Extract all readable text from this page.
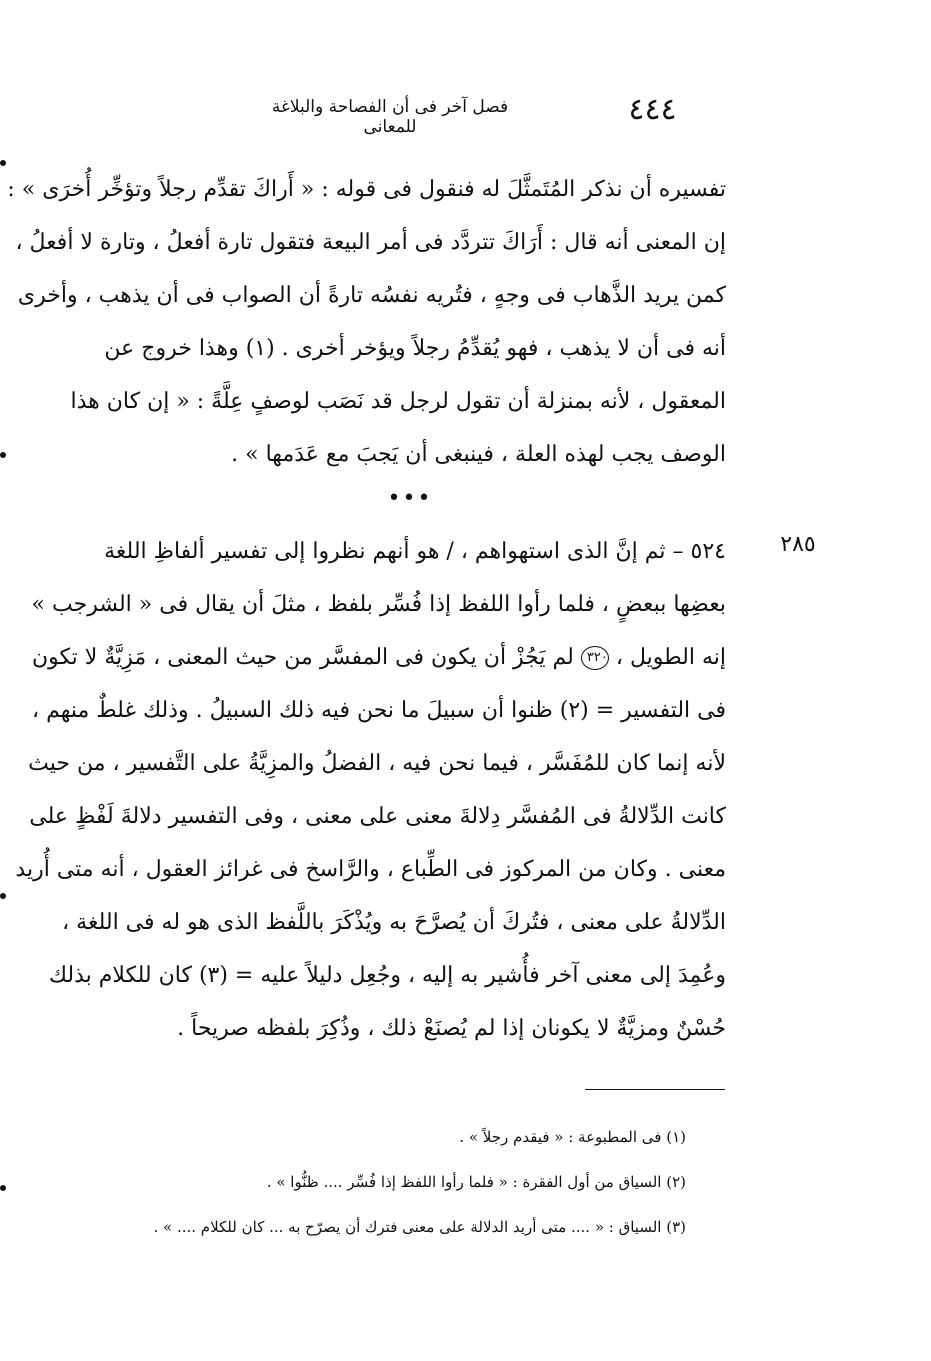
٤٤٤
فصل آخر فى أن الفصاحة والبلاغة للمعانى

تفسيره أن نذكر المُتَمثَّلَ له فنقول فى قوله : « أَراكَ تقدِّم رجلاً وتؤخِّر أُخرَى » :
إن المعنى أنه قال : أَرَاكَ تتردَّد فى أمر البيعة فتقول تارة أفعلُ ، وتارة لا أفعلُ ،
كمن يريد الذَّهاب فى وجهٍ ، فتُريه نفسُه تارةً أن الصواب فى أن يذهب ، وأخرى
أنه فى أن لا يذهب ، فهو يُقدِّمُ رجلاً ويؤخر أخرى . (١) وهذا خروج عن
المعقول ، لأنه بمنزلة أن تقول لرجل قد نَصَب لوصفٍ عِلَّةً : « إن كان هذا
الوصف يجب لهذه العلة ، فينبغى أن يَجبَ مع عَدَمها » .

•••
٢٨٥

٥٢٤ – ثم إنَّ الذى استهواهم ، / هو أنهم نظروا إلى تفسير ألفاظِ اللغة
بعضِها ببعضٍ ، فلما رأوا اللفظ إذا فُسِّر بلفظ ، مثلَ أن يقال فى « الشرجب »
إنه الطويل ، ٣٢٠ لم يَجُزْ أن يكون فى المفسَّر من حيث المعنى ، مَزِيَّةٌ لا تكون
فى التفسير = (٢) ظنوا أن سبيلَ ما نحن فيه ذلك السبيلُ . وذلك غلطٌ منهم ،
لأنه إنما كان للمُفَسَّر ، فيما نحن فيه ، الفضلُ والمزِيَّةُ على التَّفسير ، من حيث
كانت الدِّلالةُ فى المُفسَّر دِلالةَ معنى على معنى ، وفى التفسير دلالةَ لَفْظٍ على
معنى . وكان من المركوز فى الطِّباع ، والرَّاسخ فى غرائز العقول ، أنه متى أُريد
الدِّلالةُ على معنى ، فتُركَ أن يُصرَّحَ به ويُذْكَرَ باللَّفظ الذى هو له فى اللغة ،
وعُمِدَ إلى معنى آخر فأُشير به إليه ، وجُعِل دليلاً عليه = (٣) كان للكلام بذلك
حُسْنٌ ومزيَّةٌ لا يكونان إذا لم يُصنَعْ ذلك ، وذُكِرَ بلفظه صريحاً .

(١) فى المطبوعة : « فيقدم رجلاً » .
(٢) السياق من أول الفقرة : « فلما رأوا اللفظ إذا فُسِّر .... ظنُّوا » .
(٣) السياق : « .... متى أريد الدلالة على معنى فترك أن يصرّح به ... كان للكلام .... » .
